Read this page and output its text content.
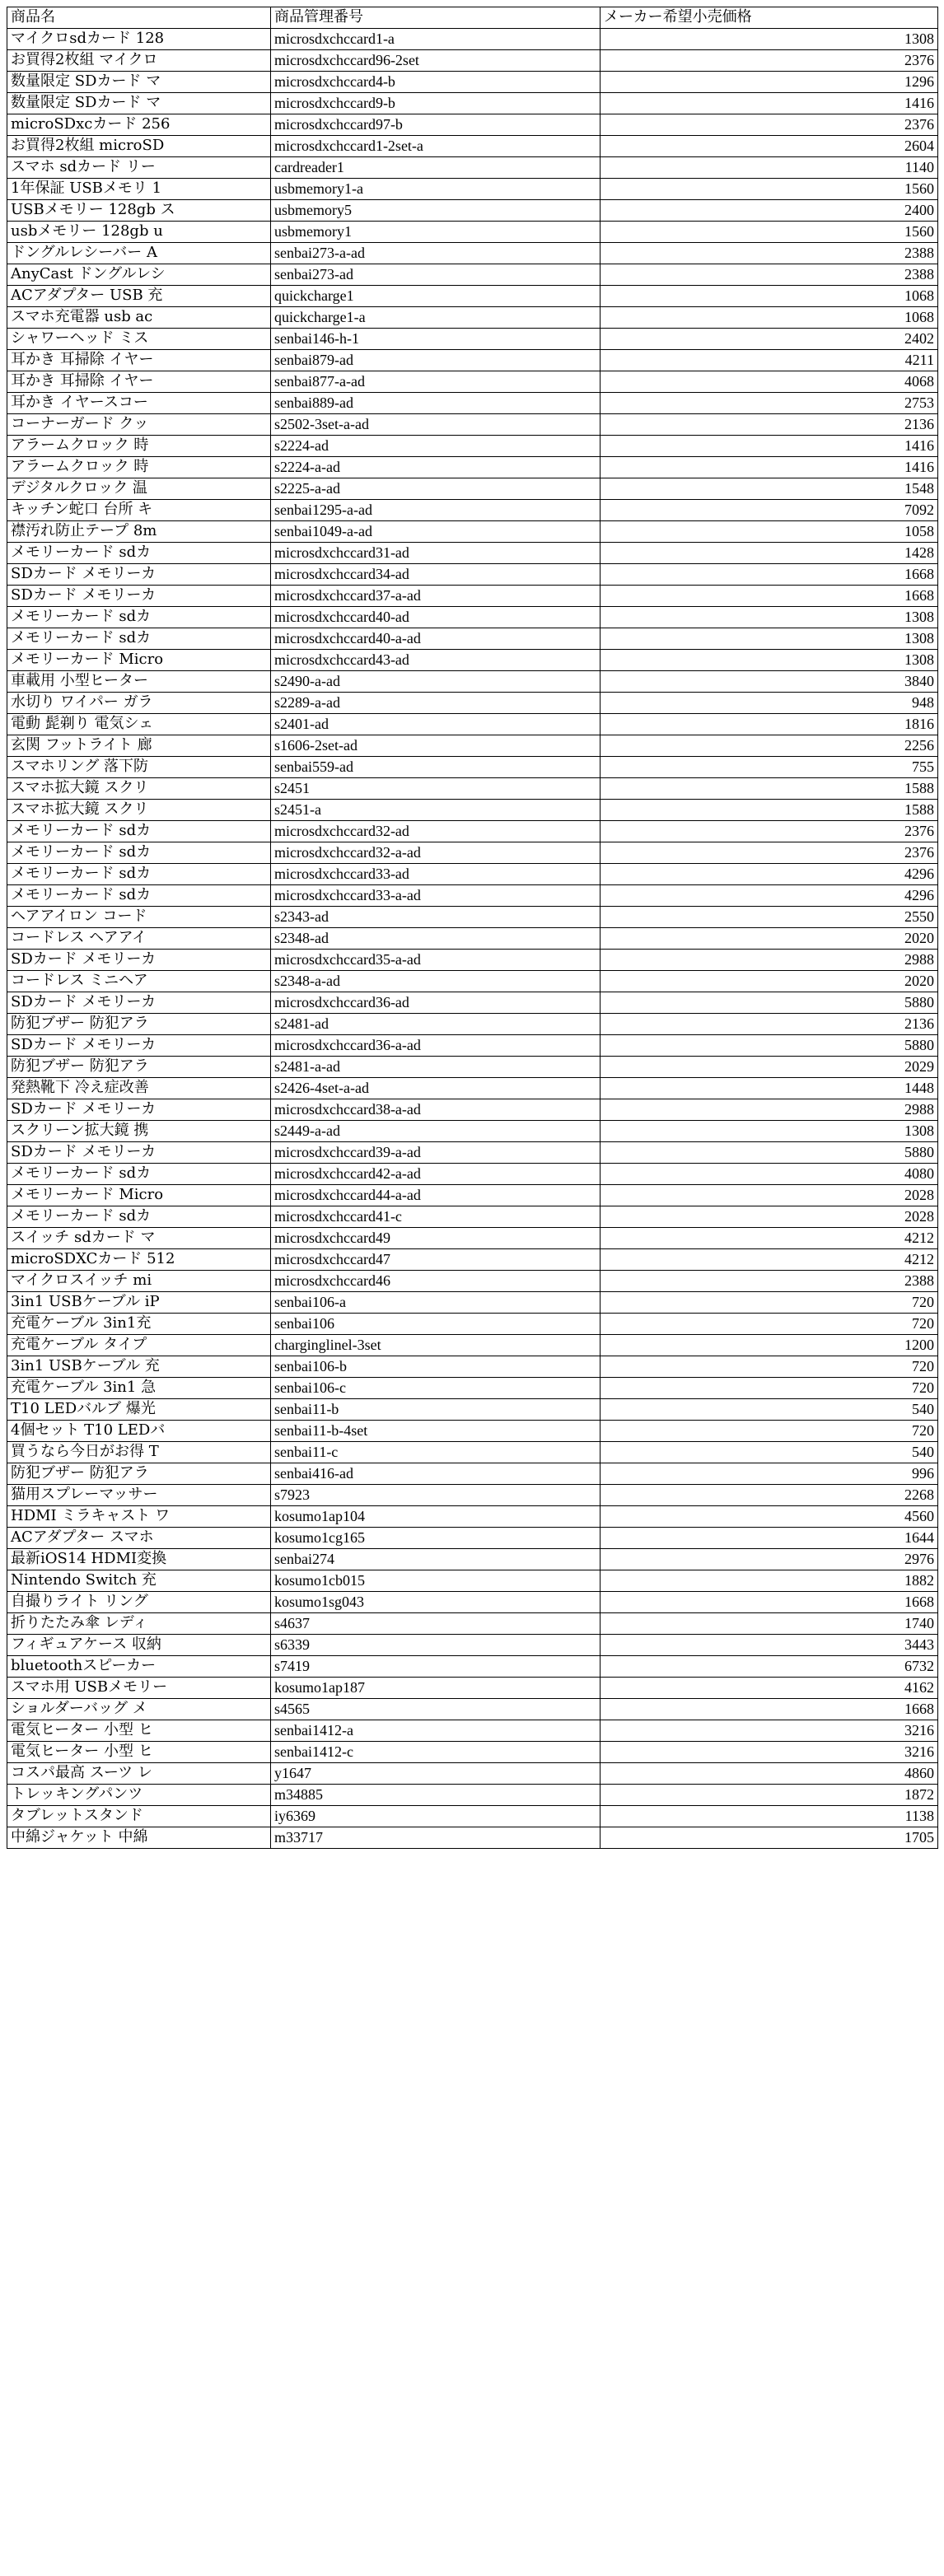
商品名	商品管理番号	メーカー希望小売価格
マイクロsdカード 128	microsdxchccard1-a	1308
お買得2枚組 マイクロ	microsdxchccard96-2set	2376
数量限定 SDカード マ	microsdxchccard4-b	1296
数量限定 SDカード マ	microsdxchccard9-b	1416
microSDxcカード 256	microsdxchccard97-b	2376
お買得2枚組 microSD	microsdxchccard1-2set-a	2604
スマホ sdカード リー	cardreader1	1140
1年保証 USBメモリ 1	usbmemory1-a	1560
USBメモリー 128gb ス	usbmemory5	2400
usbメモリー 128gb u	usbmemory1	1560
ドングルレシーバー A	senbai273-a-ad	2388
AnyCast ドングルレシ	senbai273-ad	2388
ACアダプター USB 充	quickcharge1	1068
スマホ充電器 usb ac	quickcharge1-a	1068
シャワーヘッド ミス	senbai146-h-1	2402
耳かき 耳掃除 イヤー	senbai879-ad	4211
耳かき 耳掃除 イヤー	senbai877-a-ad	4068
耳かき イヤースコー	senbai889-ad	2753
コーナーガード クッ	s2502-3set-a-ad	2136
アラームクロック 時	s2224-ad	1416
アラームクロック 時	s2224-a-ad	1416
デジタルクロック 温	s2225-a-ad	1548
キッチン蛇口 台所 キ	senbai1295-a-ad	7092
襟汚れ防止テープ 8m	senbai1049-a-ad	1058
メモリーカード sdカ	microsdxchccard31-ad	1428
SDカード メモリーカ	microsdxchccard34-ad	1668
SDカード メモリーカ	microsdxchccard37-a-ad	1668
メモリーカード sdカ	microsdxchccard40-ad	1308
メモリーカード sdカ	microsdxchccard40-a-ad	1308
メモリーカード Micro	microsdxchccard43-ad	1308
車載用 小型ヒーター	s2490-a-ad	3840
水切り ワイパー ガラ	s2289-a-ad	948
電動 髭剃り 電気シェ	s2401-ad	1816
玄関 フットライト 廊	s1606-2set-ad	2256
スマホリング 落下防	senbai559-ad	755
スマホ拡大鏡 スクリ	s2451	1588
スマホ拡大鏡 スクリ	s2451-a	1588
メモリーカード sdカ	microsdxchccard32-ad	2376
メモリーカード sdカ	microsdxchccard32-a-ad	2376
メモリーカード sdカ	microsdxchccard33-ad	4296
メモリーカード sdカ	microsdxchccard33-a-ad	4296
ヘアアイロン コード	s2343-ad	2550
コードレス ヘアアイ	s2348-ad	2020
SDカード メモリーカ	microsdxchccard35-a-ad	2988
コードレス ミニヘア	s2348-a-ad	2020
SDカード メモリーカ	microsdxchccard36-ad	5880
防犯ブザー 防犯アラ	s2481-ad	2136
SDカード メモリーカ	microsdxchccard36-a-ad	5880
防犯ブザー 防犯アラ	s2481-a-ad	2029
発熱靴下 冷え症改善	s2426-4set-a-ad	1448
SDカード メモリーカ	microsdxchccard38-a-ad	2988
スクリーン拡大鏡 携	s2449-a-ad	1308
SDカード メモリーカ	microsdxchccard39-a-ad	5880
メモリーカード sdカ	microsdxchccard42-a-ad	4080
メモリーカード Micro	microsdxchccard44-a-ad	2028
メモリーカード sdカ	microsdxchccard41-c	2028
スイッチ sdカード マ	microsdxchccard49	4212
microSDXCカード 512	microsdxchccard47	4212
マイクロスイッチ mi	microsdxchccard46	2388
3in1 USBケーブル iP	senbai106-a	720
充電ケーブル 3in1充	senbai106	720
充電ケーブル タイプ	charginglinel-3set	1200
3in1 USBケーブル 充	senbai106-b	720
充電ケーブル 3in1 急	senbai106-c	720
T10 LEDバルブ 爆光	senbai11-b	540
4個セット T10 LEDバ	senbai11-b-4set	720
買うなら今日がお得 T	senbai11-c	540
防犯ブザー 防犯アラ	senbai416-ad	996
猫用スプレーマッサー	s7923	2268
HDMI ミラキャスト ワ	kosumo1ap104	4560
ACアダプター スマホ	kosumo1cg165	1644
最新iOS14 HDMI変換	senbai274	2976
Nintendo Switch 充	kosumo1cb015	1882
自撮りライト リング	kosumo1sg043	1668
折りたたみ傘 レディ	s4637	1740
フィギュアケース 収納	s6339	3443
bluetoothスピーカー	s7419	6732
スマホ用 USBメモリー	kosumo1ap187	4162
ショルダーバッグ メ	s4565	1668
電気ヒーター 小型 ヒ	senbai1412-a	3216
電気ヒーター 小型 ヒ	senbai1412-c	3216
コスパ最高 スーツ レ	y1647	4860
トレッキングパンツ	m34885	1872
タブレットスタンド	iy6369	1138
中綿ジャケット 中綿	m33717	1705
